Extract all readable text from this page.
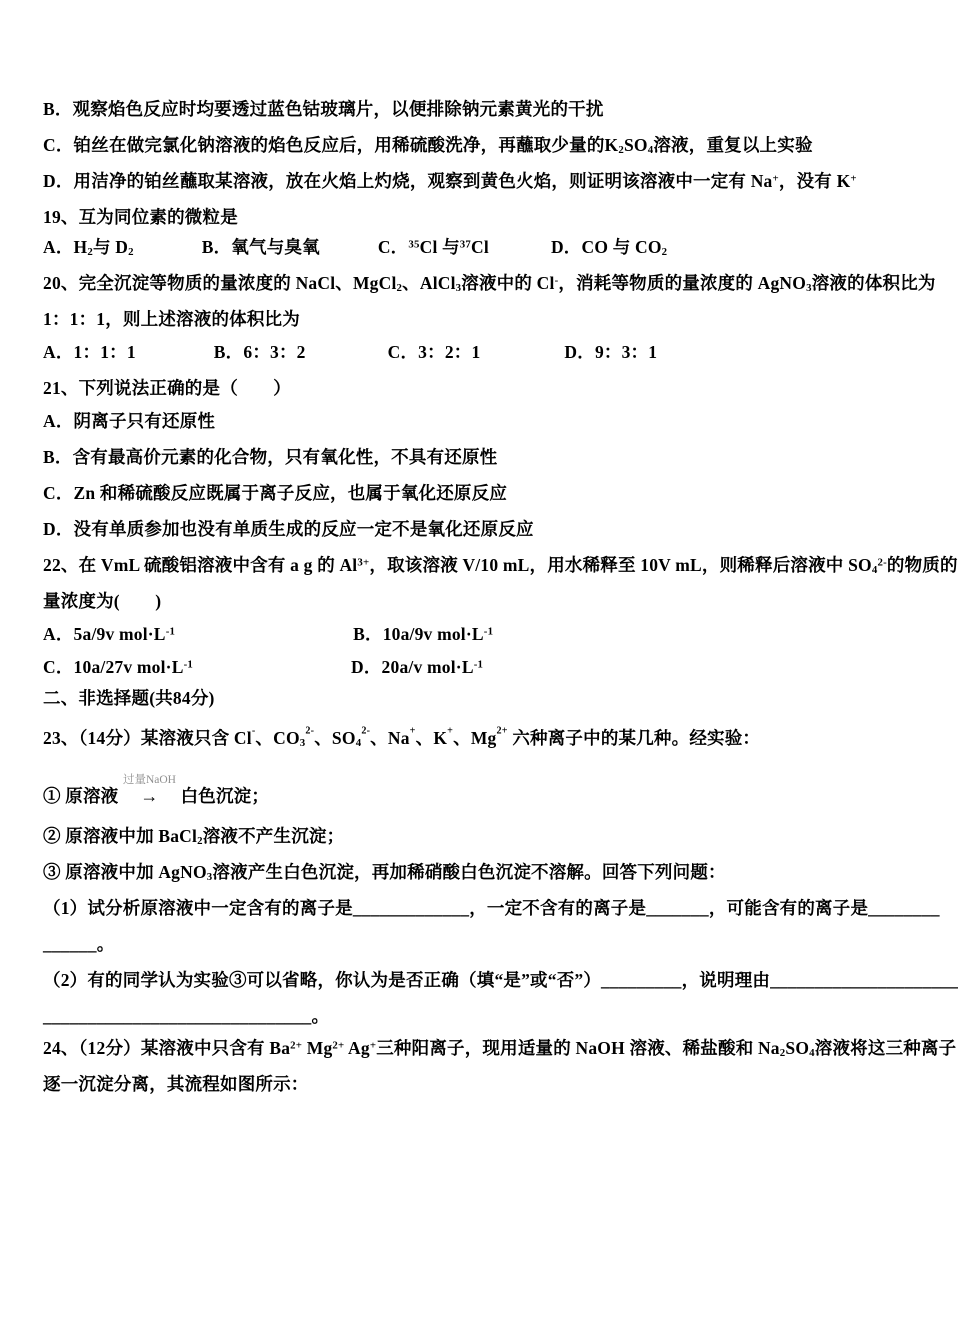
B．观察焰色反应时均要透过蓝色钴玻璃片，以便排除钠元素黄光的干扰
C．铂丝在做完氯化钠溶液的焰色反应后，用稀硫酸洗净，再蘸取少量的$K_2SO_4$溶液，重复以上实验
D．用洁净的铂丝蘸取某溶液，放在火焰上灼烧，观察到黄色火焰，则证明该溶液中一定有 Na+，没有 K+
19、互为同位素的微粒是
A．$H_2$与 $D_2$	B．氧气与臭氧	C．$^{35}$Cl 与$^{37}$Cl	D．CO 与 $CO_2$
20、完全沉淀等物质的量浓度的 NaCl、MgCl$_2$、AlCl$_3$溶液中的 Cl-，消耗等物质的量浓度的 AgNO$_3$溶液的体积比为
1：1：1，则上述溶液的体积比为
A．1：1：1	B．6：3：2	C．3：2：1	D．9：3：1
21、下列说法正确的是（　　）
A．阴离子只有还原性
B．含有最高价元素的化合物，只有氧化性，不具有还原性
C．Zn 和稀硫酸反应既属于离子反应，也属于氧化还原反应
D．没有单质参加也没有单质生成的反应一定不是氧化还原反应
22、在 VmL 硫酸铝溶液中含有 a g 的 $Al^{3+}$，取该溶液 V/10 mL，用水稀释至 10V mL，则稀释后溶液中 $SO_4^{2-}$的物质的
量浓度为(　　)
A．5a/9v $mol\cdot L^{-1}$	B．10a/9v $mol\cdot L^{-1}$
C．10a/27v $mol\cdot L^{-1}$	D．20a/v $mol\cdot L^{-1}$
二、非选择题(共84分)
23、（14分）某溶液只含 Cl-、$CO_3^{2-}$、$SO_4^{2-}$、Na+、K+、$Mg^{2+}$ 六种离子中的某几种。经实验：
① 原溶液
过量NaOH
→ 白色沉淀；
② 原溶液中加 BaCl$_2$溶液不产生沉淀；
③ 原溶液中加 AgNO$_3$溶液产生白色沉淀，再加稀硝酸白色沉淀不溶解。回答下列问题：
（1）试分析原溶液中一定含有的离子是_____________，一定不含有的离子是_______，可能含有的离子是________
______。
（2）有的同学认为实验③可以省略，你认为是否正确（填“是”或“否”）_________，说明理由_____________________
______________________________。
24、（12分）某溶液中只含有 $Ba^{2+}$ $Mg^{2+}$ Ag+三种阳离子，现用适量的 NaOH 溶液、稀盐酸和 $Na_2SO_4$溶液将这三种离子
逐一沉淀分离，其流程如图所示：
